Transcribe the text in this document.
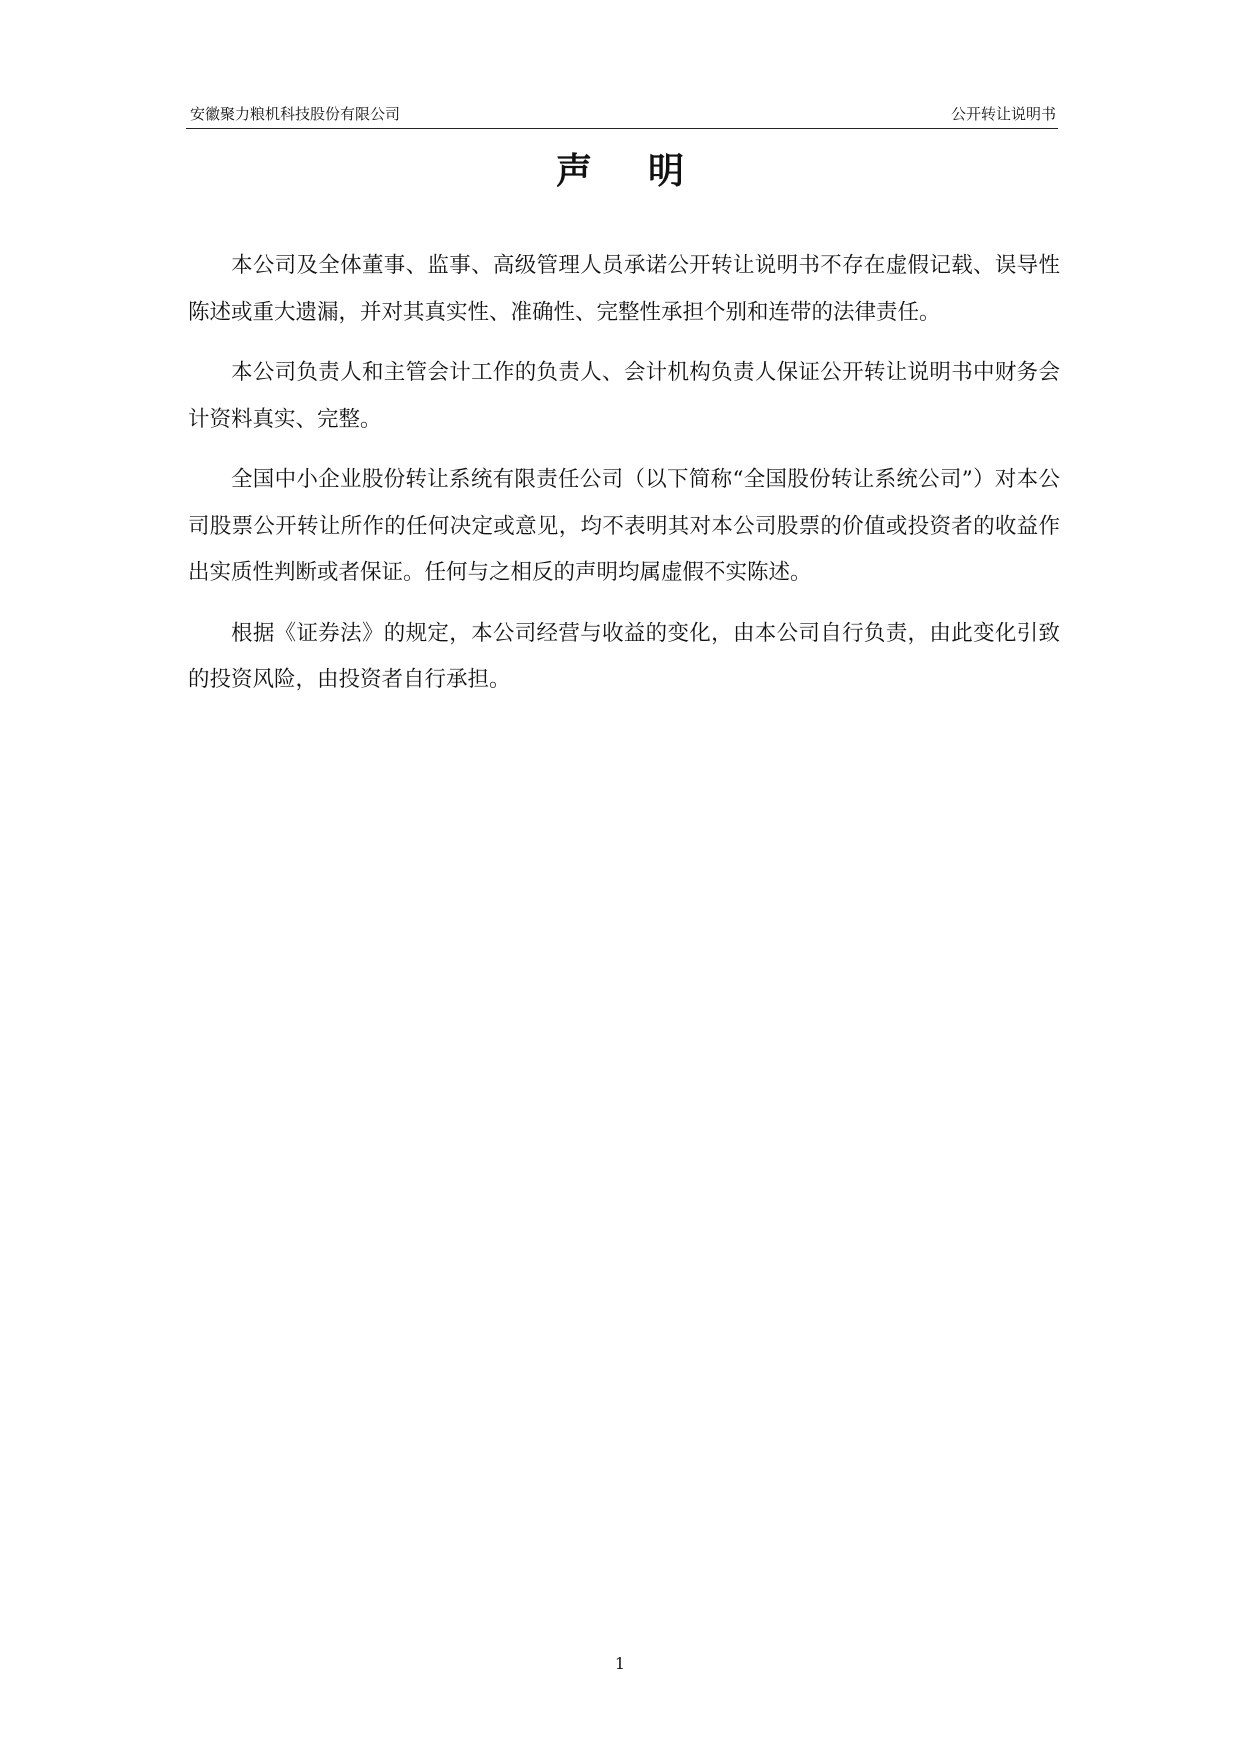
安徽聚力粮机科技股份有限公司	公开转让说明书
声明

本公司及全体董事、监事、高级管理人员承诺公开转让说明书不存在虚假记载、误导性陈述或重大遗漏，并对其真实性、准确性、完整性承担个别和连带的法律责任。

本公司负责人和主管会计工作的负责人、会计机构负责人保证公开转让说明书中财务会计资料真实、完整。

全国中小企业股份转让系统有限责任公司（以下简称“全国股份转让系统公司”）对本公司股票公开转让所作的任何决定或意见，均不表明其对本公司股票的价值或投资者的收益作出实质性判断或者保证。任何与之相反的声明均属虚假不实陈述。

根据《证券法》的规定，本公司经营与收益的变化，由本公司自行负责，由此变化引致的投资风险，由投资者自行承担。

1
